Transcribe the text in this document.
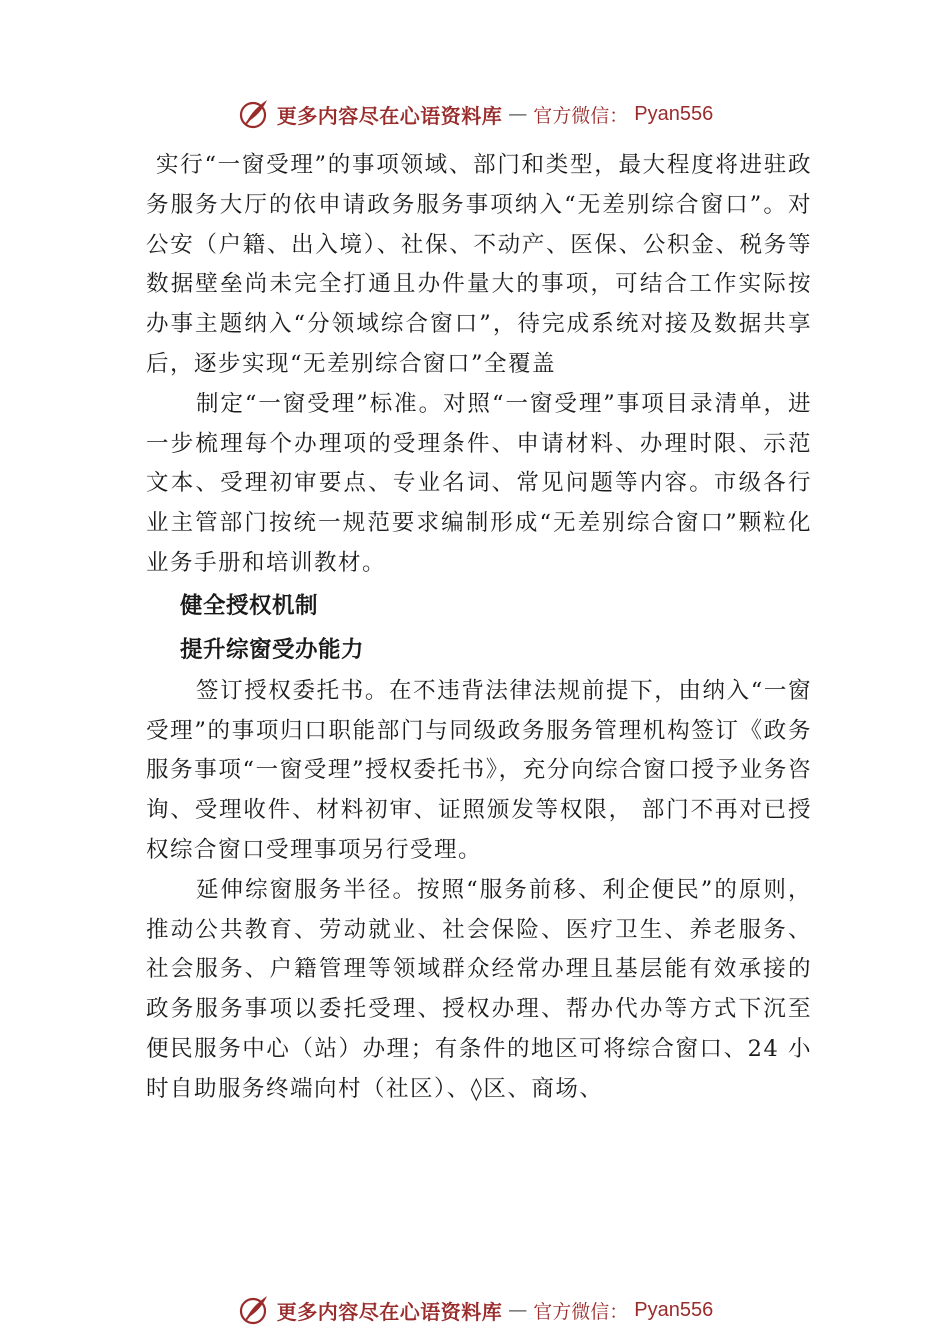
更多内容尽在心语资料库 — 官方微信： Pyan556

实行“一窗受理”的事项领域、部门和类型，最大程度将进驻政务服务大厅的依申请政务服务事项纳入“无差别综合窗口”。对公安（户籍、出入境）、社保、不动产、医保、公积金、税务等数据壁垒尚未完全打通且办件量大的事项，可结合工作实际按办事主题纳入“分领域综合窗口”，待完成系统对接及数据共享后，逐步实现“无差别综合窗口”全覆盖

制定“一窗受理”标准。对照“一窗受理”事项目录清单，进一步梳理每个办理项的受理条件、申请材料、办理时限、示范文本、受理初审要点、专业名词、常见问题等内容。市级各行业主管部门按统一规范要求编制形成“无差别综合窗口”颗粒化业务手册和培训教材。

健全授权机制

提升综窗受办能力

签订授权委托书。在不违背法律法规前提下，由纳入“一窗受理”的事项归口职能部门与同级政务服务管理机构签订《政务服务事项“一窗受理”授权委托书》，充分向综合窗口授予业务咨询、受理收件、材料初审、证照颁发等权限， 部门不再对已授权综合窗口受理事项另行受理。

延伸综窗服务半径。按照“服务前移、利企便民”的原则，推动公共教育、劳动就业、社会保险、医疗卫生、养老服务、社会服务、户籍管理等领域群众经常办理且基层能有效承接的政务服务事项以委托受理、授权办理、帮办代办等方式下沉至便民服务中心（站）办理；有条件的地区可将综合窗口、24 小时自助服务终端向村（社区）、◊区、商场、

更多内容尽在心语资料库 — 官方微信： Pyan556
